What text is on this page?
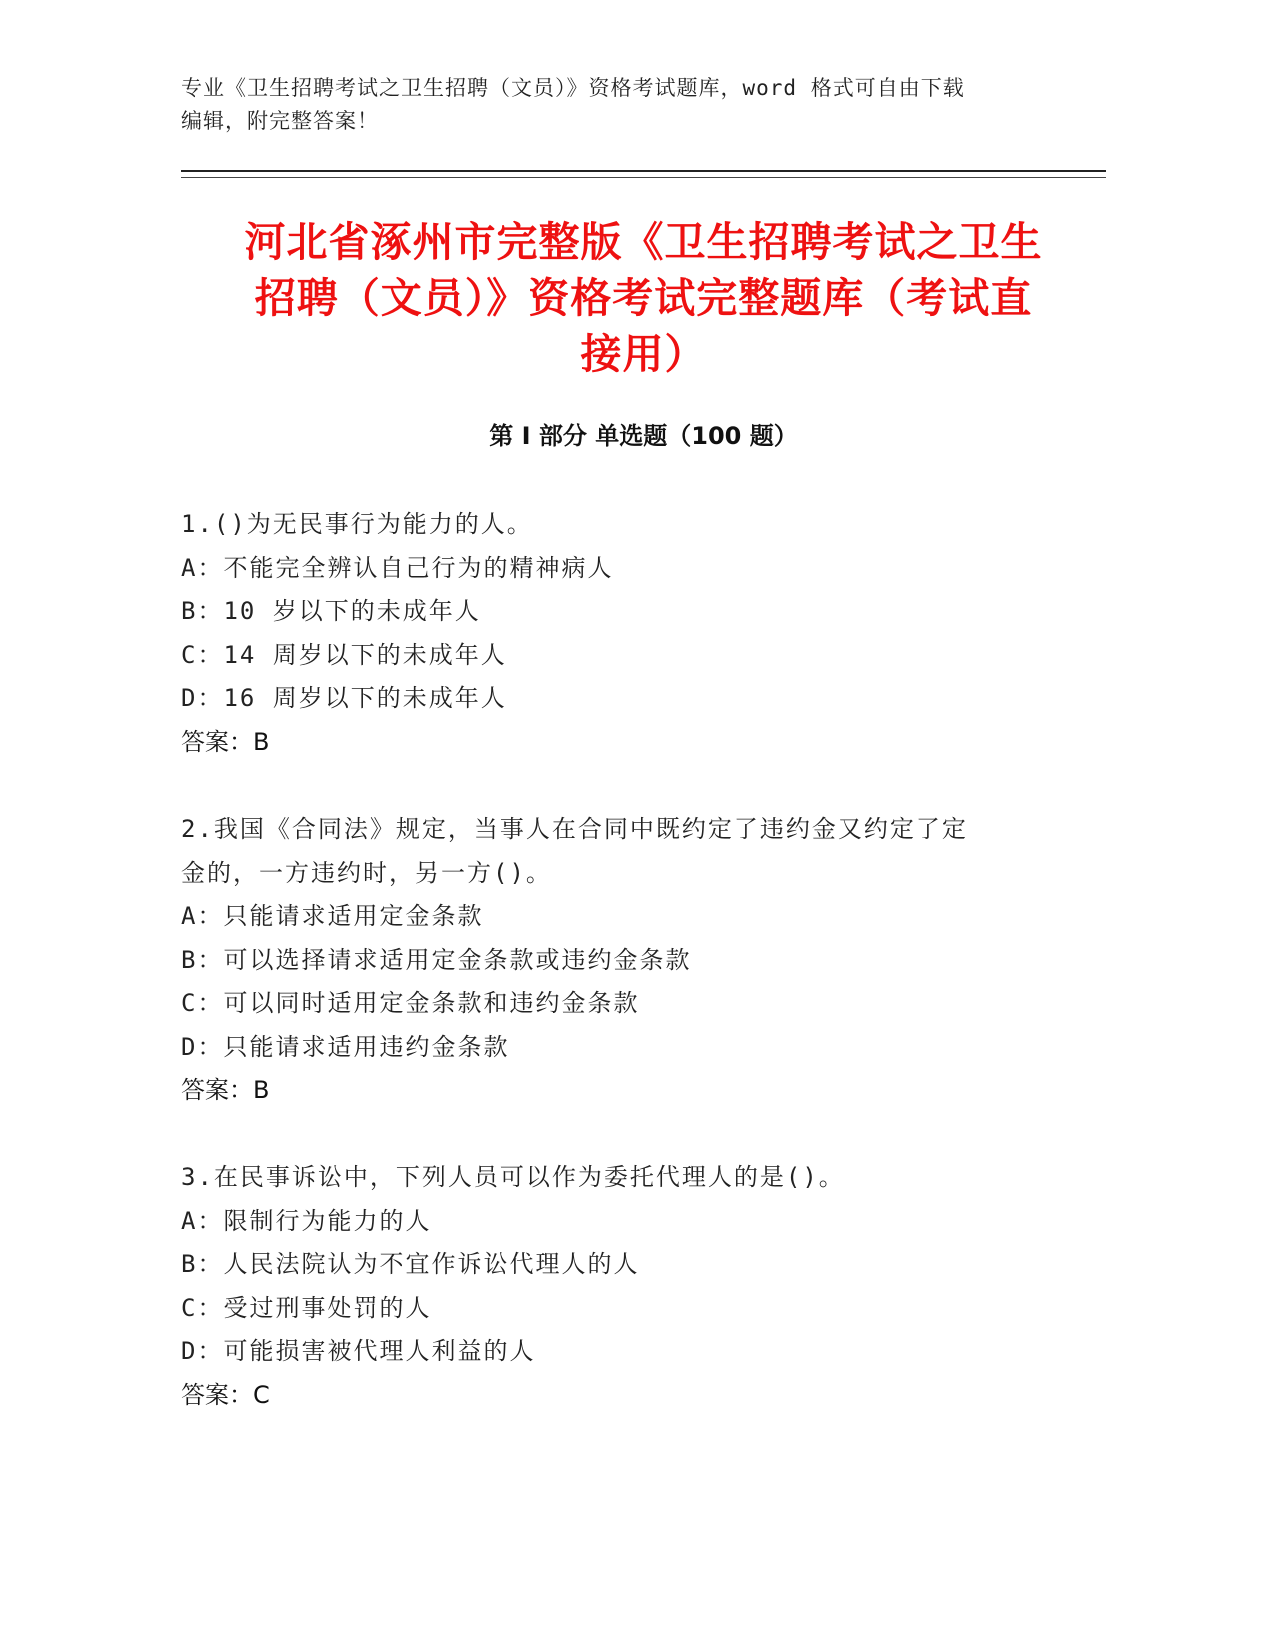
专业《卫生招聘考试之卫生招聘（文员）》资格考试题库，word 格式可自由下载
编辑，附完整答案！
河北省涿州市完整版《卫生招聘考试之卫生
招聘（文员）》资格考试完整题库（考试直
接用）
第 I 部分 单选题（100 题）

1.()为无民事行为能力的人。

A：不能完全辨认自己行为的精神病人

B：10 岁以下的未成年人

C：14 周岁以下的未成年人

D：16 周岁以下的未成年人

答案：B

2.我国《合同法》规定，当事人在合同中既约定了违约金又约定了定

金的，一方违约时，另一方()。

A：只能请求适用定金条款

B：可以选择请求适用定金条款或违约金条款

C：可以同时适用定金条款和违约金条款

D：只能请求适用违约金条款

答案：B

3.在民事诉讼中，下列人员可以作为委托代理人的是()。

A：限制行为能力的人

B：人民法院认为不宜作诉讼代理人的人

C：受过刑事处罚的人

D：可能损害被代理人利益的人

答案：C
